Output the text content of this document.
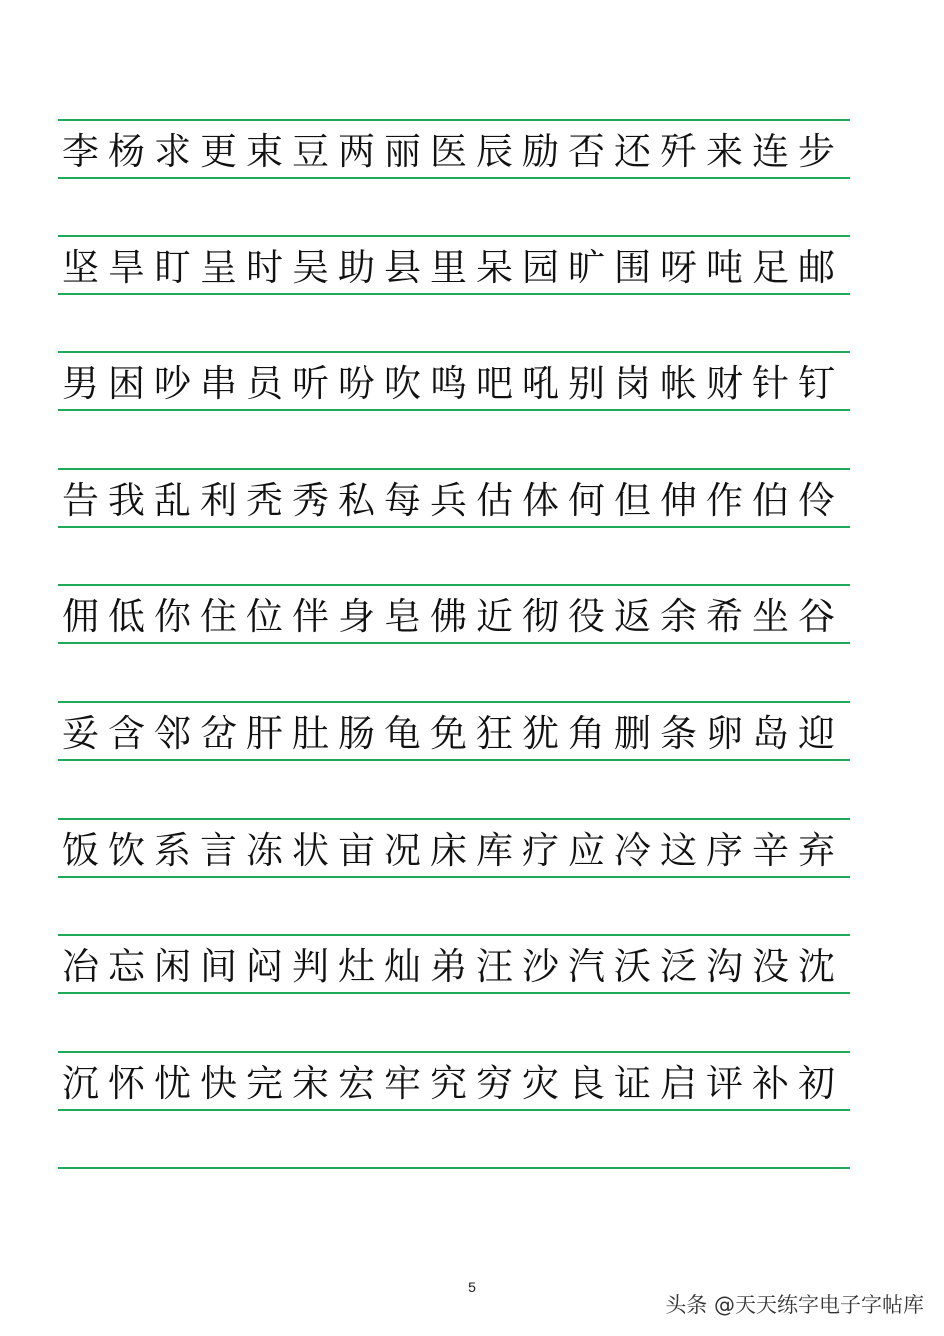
李杨求更束豆两丽医辰励否还歼来连步
坚旱盯呈时吴助县里呆园旷围呀吨足邮
男困吵串员听吩吹鸣吧吼别岗帐财针钉
告我乱利秃秀私每兵估体何但伸作伯伶
佣低你住位伴身皂佛近彻役返余希坐谷
妥含邻岔肝肚肠龟免狂犹角删条卵岛迎
饭饮系言冻状亩况床库疗应冷这序辛弃
冶忘闲间闷判灶灿弟汪沙汽沃泛沟没沈
沉怀忧快完宋宏牢究穷灾良证启评补初
5
头条 @天天练字电子字帖库
